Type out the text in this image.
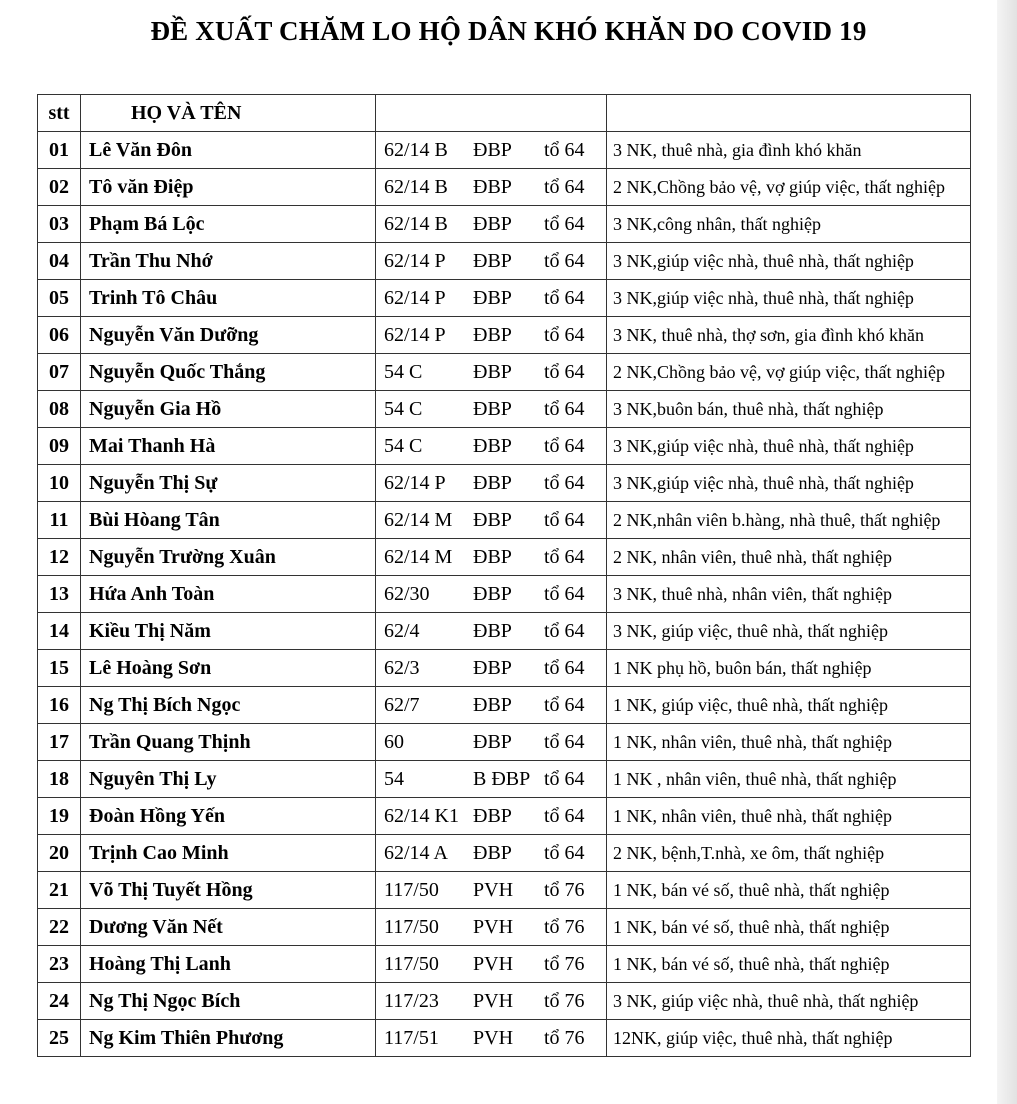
ĐỀ XUẤT CHĂM LO HỘ DÂN KHÓ KHĂN DO COVID 19
stt	HỌ VÀ TÊN		
01	Lê Văn Đôn	62/14 B ĐBP tổ 64	3 NK, thuê nhà, gia đình khó khăn
02	Tô văn Điệp	62/14 B ĐBP tổ 64	2 NK,Chồng bảo vệ, vợ giúp việc, thất nghiệp
03	Phạm Bá Lộc	62/14 B ĐBP tổ 64	3 NK,công nhân, thất nghiệp
04	Trần Thu Nhớ	62/14 P ĐBP tổ 64	3 NK,giúp việc nhà, thuê nhà, thất nghiệp
05	Trinh Tô Châu	62/14 P ĐBP tổ 64	3 NK,giúp việc nhà, thuê nhà, thất nghiệp
06	Nguyễn Văn Dưỡng	62/14 P ĐBP tổ 64	3 NK, thuê nhà, thợ sơn, gia đình khó khăn
07	Nguyễn Quốc Thắng	54 C ĐBP tổ 64	2 NK,Chồng bảo vệ, vợ giúp việc, thất nghiệp
08	Nguyễn Gia Hồ	54 C ĐBP tổ 64	3 NK,buôn bán, thuê nhà, thất nghiệp
09	Mai Thanh Hà	54 C ĐBP tổ 64	3 NK,giúp việc nhà, thuê nhà, thất nghiệp
10	Nguyễn Thị Sự	62/14 P ĐBP tổ 64	3 NK,giúp việc nhà, thuê nhà, thất nghiệp
11	Bùi Hòang Tân	62/14 M ĐBP tổ 64	2 NK,nhân viên b.hàng, nhà thuê, thất nghiệp
12	Nguyễn Trường Xuân	62/14 M ĐBP tổ 64	2 NK, nhân viên, thuê nhà, thất nghiệp
13	Hứa Anh Toàn	62/30 ĐBP tổ 64	3 NK, thuê nhà, nhân viên, thất nghiệp
14	Kiều Thị Năm	62/4 ĐBP tổ 64	3 NK, giúp việc, thuê nhà, thất nghiệp
15	Lê Hoàng Sơn	62/3 ĐBP tổ 64	1 NK phụ hồ, buôn bán, thất nghiệp
16	Ng Thị Bích Ngọc	62/7 ĐBP tổ 64	1 NK, giúp việc, thuê nhà, thất nghiệp
17	Trần Quang Thịnh	60 ĐBP tổ 64	1 NK, nhân viên, thuê nhà, thất nghiệp
18	Nguyên Thị Ly	54 B ĐBP tổ 64	1 NK , nhân viên, thuê nhà, thất nghiệp
19	Đoàn Hồng Yến	62/14 K1 ĐBP tổ 64	1 NK, nhân viên, thuê nhà, thất nghiệp
20	Trịnh Cao Minh	62/14 A ĐBP tổ 64	2 NK, bệnh,T.nhà, xe ôm, thất nghiệp
21	Võ Thị Tuyết Hồng	117/50 PVH tổ 76	1 NK, bán vé số, thuê nhà, thất nghiệp
22	Dương Văn Nết	117/50 PVH tổ 76	1 NK, bán vé số, thuê nhà, thất nghiệp
23	Hoàng Thị Lanh	117/50 PVH tổ 76	1 NK, bán vé số, thuê nhà, thất nghiệp
24	Ng Thị Ngọc Bích	117/23 PVH tổ 76	3 NK, giúp việc nhà, thuê nhà, thất nghiệp
25	Ng Kim Thiên Phương	117/51 PVH tổ 76	12NK, giúp việc, thuê nhà, thất nghiệp
